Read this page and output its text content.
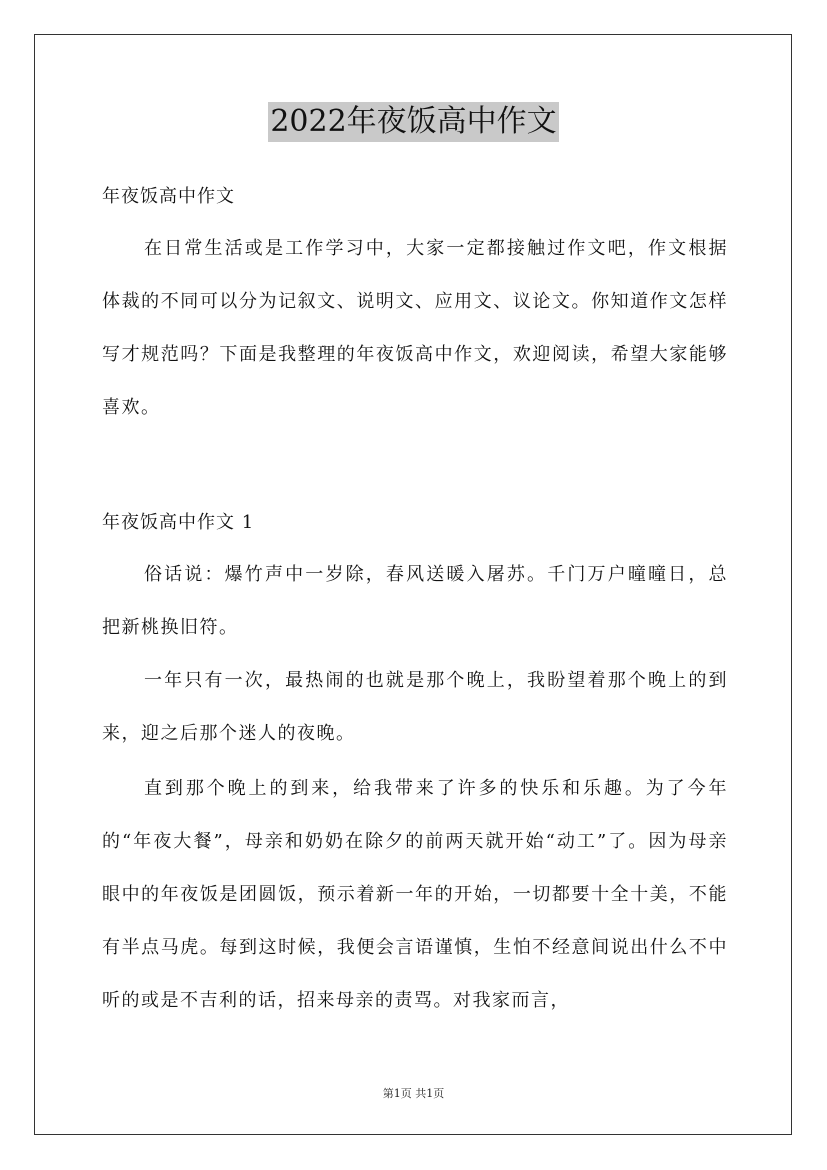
2022年夜饭高中作文

年夜饭高中作文

在日常生活或是工作学习中，大家一定都接触过作文吧，作文根据体裁的不同可以分为记叙文、说明文、应用文、议论文。你知道作文怎样写才规范吗？下面是我整理的年夜饭高中作文，欢迎阅读，希望大家能够喜欢。

年夜饭高中作文 1

俗话说：爆竹声中一岁除，春风送暖入屠苏。千门万户曈曈日，总把新桃换旧符。

一年只有一次，最热闹的也就是那个晚上，我盼望着那个晚上的到来，迎之后那个迷人的夜晚。

直到那个晚上的到来，给我带来了许多的快乐和乐趣。为了今年的“年夜大餐”，母亲和奶奶在除夕的前两天就开始“动工”了。因为母亲眼中的年夜饭是团圆饭，预示着新一年的开始，一切都要十全十美，不能有半点马虎。每到这时候，我便会言语谨慎，生怕不经意间说出什么不中听的或是不吉利的话，招来母亲的责骂。对我家而言，

第1页 共1页
